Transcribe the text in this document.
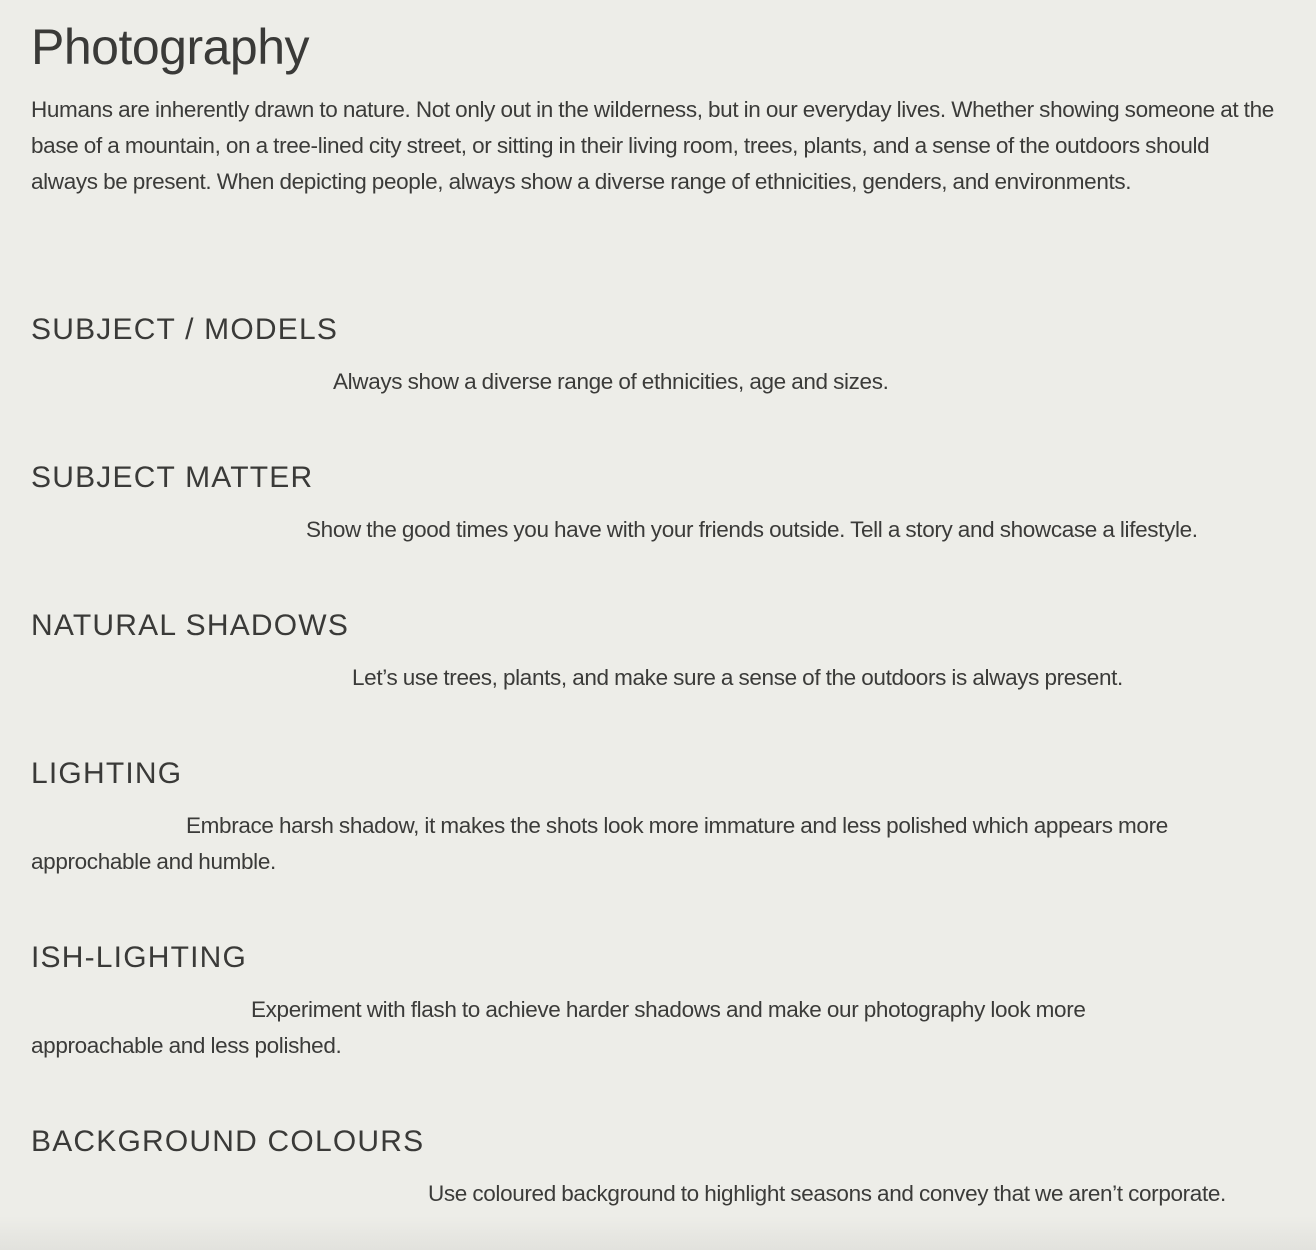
Photography

Humans are inherently drawn to nature. Not only out in the wilderness, but in our everyday lives. Whether showing someone at the base of a mountain, on a tree-lined city street, or sitting in their living room, trees, plants, and a sense of the outdoors should always be present. When depicting people, always show a diverse range of ethnicities, genders, and environments.

SUBJECT / MODELS

Always show a diverse range of ethnicities, age and sizes.

SUBJECT MATTER

Show the good times you have with your friends outside. Tell a story and showcase a lifestyle.

NATURAL SHADOWS

Let’s use trees, plants, and make sure a sense of the outdoors is always present.

LIGHTING

Embrace harsh shadow, it makes the shots look more immature and less polished which appears more approchable and humble.

ISH-LIGHTING

Experiment with flash to achieve harder shadows and make our photography look more approachable and less polished.

BACKGROUND COLOURS

Use coloured background to highlight seasons and convey that we aren’t corporate.
